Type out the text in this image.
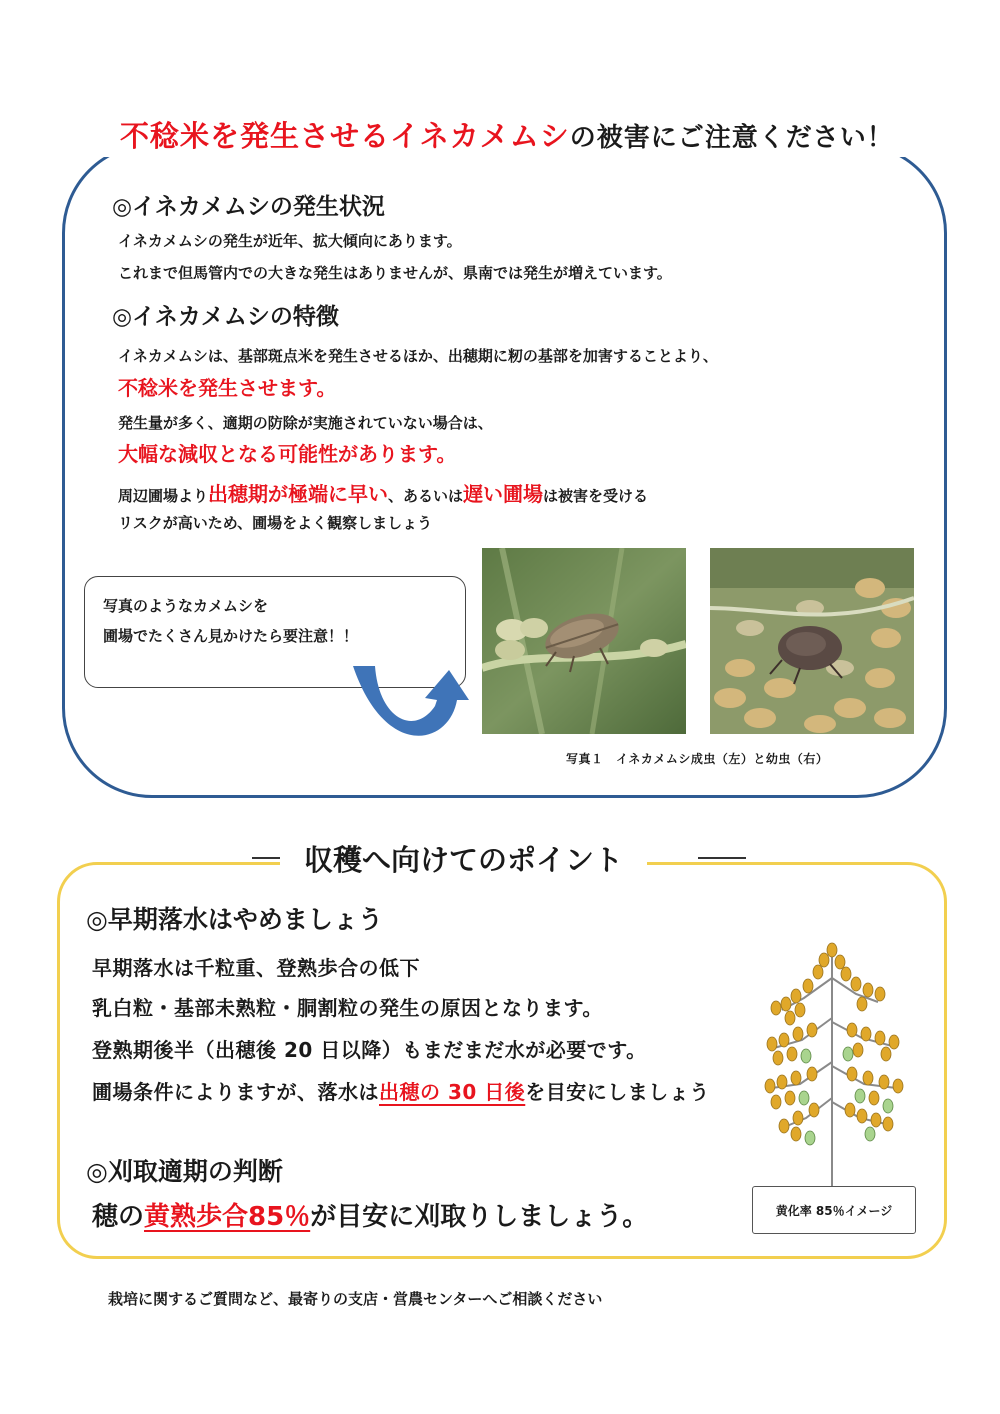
不稔米を発生させるイネカメムシの被害にご注意ください！
◎イネカメムシの発生状況
イネカメムシの発生が近年、拡大傾向にあります。
これまで但馬管内での大きな発生はありませんが、県南では発生が増えています。
◎イネカメムシの特徴
イネカメムシは、基部斑点米を発生させるほか、出穂期に籾の基部を加害することより、
不稔米を発生させます。
発生量が多く、適期の防除が実施されていない場合は、
大幅な減収となる可能性があります。
周辺圃場より 出穂期が極端に早い 、あるいは 遅い圃場 は被害を受ける
リスクが高いため、圃場をよく観察しましょう

写真のようなカメムシを

圃場でたくさん見かけたら要注意！！

写真１　イネカメムシ成虫（左）と幼虫（右）
収穫へ向けてのポイント
◎早期落水はやめましょう
早期落水は千粒重、登熟歩合の低下
乳白粒・基部未熟粒・胴割粒の発生の原因となります。
登熟期後半（出穂後 20 日以降）もまだまだ水が必要です。
圃場条件によりますが、落水は出穂の 30 日後を目安にしましょう
◎刈取適期の判断
穂の黄熟歩合85％が目安に刈取りしましょう。	黄化率 85％イメージ
栽培に関するご質問など、最寄りの支店・営農センターへご相談ください
